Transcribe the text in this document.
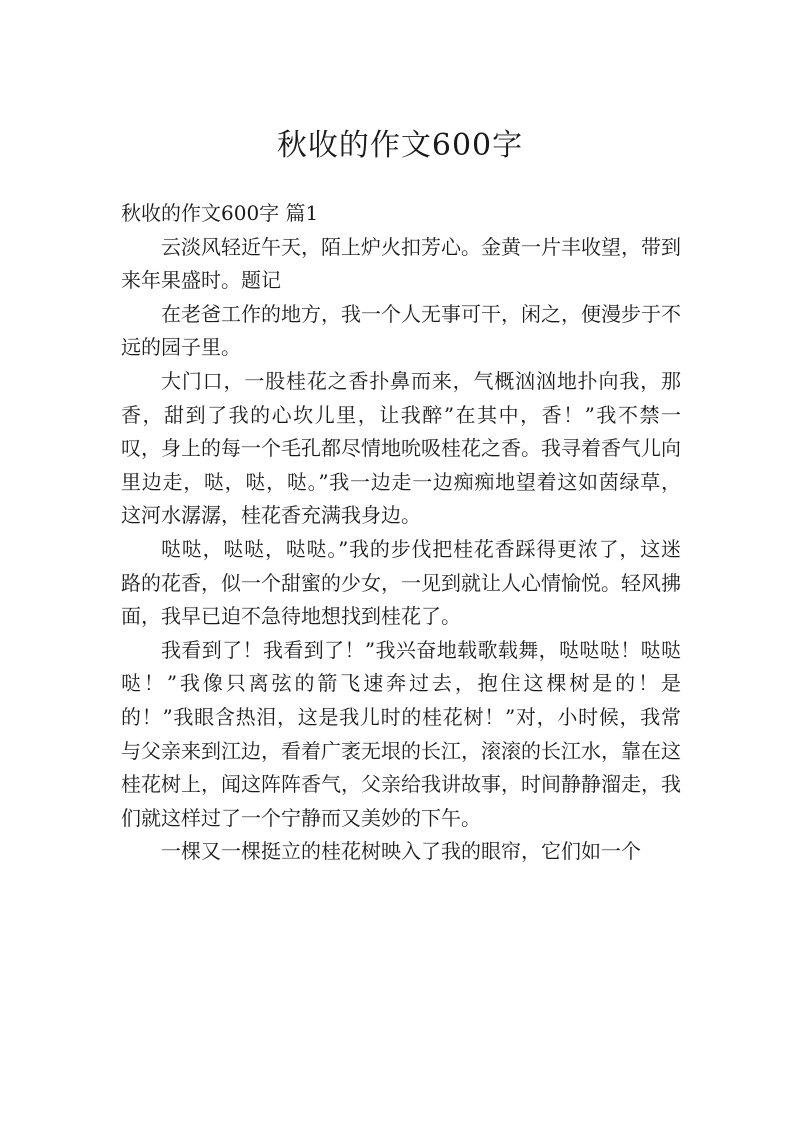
秋收的作文600字

秋收的作文600字 篇1

云淡风轻近午天，陌上炉火扣芳心。金黄一片丰收望，带到来年果盛时。题记

在老爸工作的地方，我一个人无事可干，闲之，便漫步于不远的园子里。

大门口，一股桂花之香扑鼻而来，气概汹汹地扑向我，那香，甜到了我的心坎儿里，让我醉”在其中，香！”我不禁一叹，身上的每一个毛孔都尽情地吮吸桂花之香。我寻着香气儿向里边走，哒，哒，哒。”我一边走一边痴痴地望着这如茵绿草，这河水潺潺，桂花香充满我身边。

哒哒，哒哒，哒哒。”我的步伐把桂花香踩得更浓了，这迷路的花香，似一个甜蜜的少女，一见到就让人心情愉悦。轻风拂面，我早已迫不急待地想找到桂花了。

我看到了！我看到了！”我兴奋地载歌载舞，哒哒哒！哒哒哒！”我像只离弦的箭飞速奔过去，抱住这棵树是的！是的！”我眼含热泪，这是我儿时的桂花树！”对，小时候，我常与父亲来到江边，看着广袤无垠的长江，滚滚的长江水，靠在这桂花树上，闻这阵阵香气，父亲给我讲故事，时间静静溜走，我们就这样过了一个宁静而又美妙的下午。

一棵又一棵挺立的桂花树映入了我的眼帘，它们如一个
